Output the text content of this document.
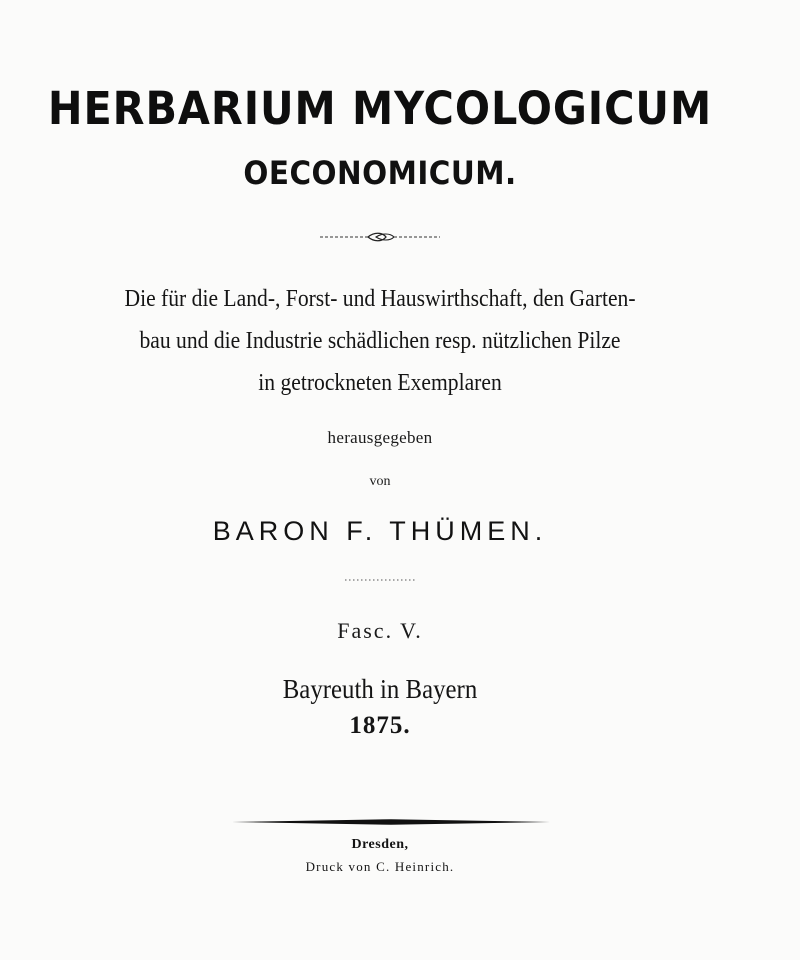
HERBARIUM MYCOLOGICUM
OECONOMICUM.
Die für die Land-, Forst- und Hauswirthschaft, den Garten-
bau und die Industrie schädlichen resp. nützlichen Pilze
in getrockneten Exemplaren
herausgegeben
von
BARON F. THÜMEN.
Fasc. V.
Bayreuth in Bayern
1875.
Dresden,
Druck von C. Heinrich.
